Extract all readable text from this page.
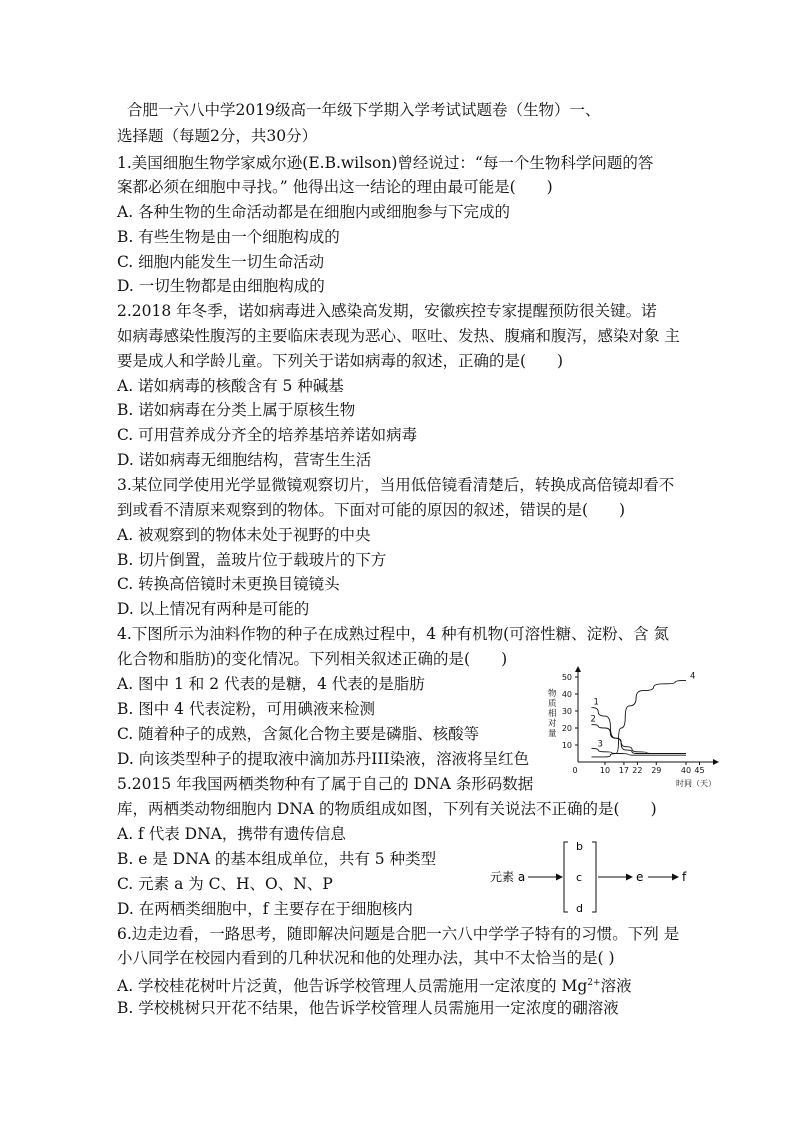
合肥一六八中学2019级高一年级下学期入学考试试题卷（生物）一、
选择题（每题2分，共30分）
1.美国细胞生物学家威尔逊(E.B.wilson)曾经说过：“每一个生物科学问题的答
案都必须在细胞中寻找。” 他得出这一结论的理由最可能是(　　)
A. 各种生物的生命活动都是在细胞内或细胞参与下完成的
B. 有些生物是由一个细胞构成的
C. 细胞内能发生一切生命活动
D. 一切生物都是由细胞构成的
2.2018 年冬季，诺如病毒进入感染高发期，安徽疾控专家提醒预防很关键。诺
如病毒感染性腹泻的主要临床表现为恶心、呕吐、发热、腹痛和腹泻，感染对象 主
要是成人和学龄儿童。下列关于诺如病毒的叙述，正确的是(　　)
A. 诺如病毒的核酸含有 5 种碱基
B. 诺如病毒在分类上属于原核生物
C. 可用营养成分齐全的培养基培养诺如病毒
D. 诺如病毒无细胞结构，营寄生生活
3.某位同学使用光学显微镜观察切片，当用低倍镜看清楚后，转换成高倍镜却看不
到或看不清原来观察到的物体。下面对可能的原因的叙述，错误的是(　　)
A. 被观察到的物体未处于视野的中央
B. 切片倒置，盖玻片位于载玻片的下方
C. 转换高倍镜时未更换目镜镜头
D. 以上情况有两种是可能的
4.下图所示为油料作物的种子在成熟过程中，4 种有机物(可溶性糖、淀粉、含 氮
化合物和脂肪)的变化情况。下列相关叙述正确的是(　　)
A. 图中 1 和 2 代表的是糖，4 代表的是脂肪
B. 图中 4 代表淀粉，可用碘液来检测
C. 随着种子的成熟，含氮化合物主要是磷脂、核酸等
D. 向该类型种子的提取液中滴加苏丹III染液，溶液将呈红色
10
20
30
40
50
0	10 17 22 29 40 45
物质相对量
时间（天）
1
2
3
4
5.2015 年我国两栖类物种有了属于自己的 DNA 条形码数据
库，两栖类动物细胞内 DNA 的物质组成如图，下列有关说法不正确的是(　　)
A. f 代表 DNA，携带有遗传信息
B. e 是 DNA 的基本组成单位，共有 5 种类型
C. 元素 a 为 C、H、O、N、P
D. 在两栖类细胞中，f 主要存在于细胞核内
元素 a
b
c
d
e	f
6.边走边看，一路思考，随即解决问题是合肥一六八中学学子特有的习惯。下列 是
小八同学在校园内看到的几种状况和他的处理办法，其中不太恰当的是( )
A. 学校桂花树叶片泛黄，他告诉学校管理人员需施用一定浓度的 $Mg^{2+}$溶液
B. 学校桃树只开花不结果，他告诉学校管理人员需施用一定浓度的硼溶液
